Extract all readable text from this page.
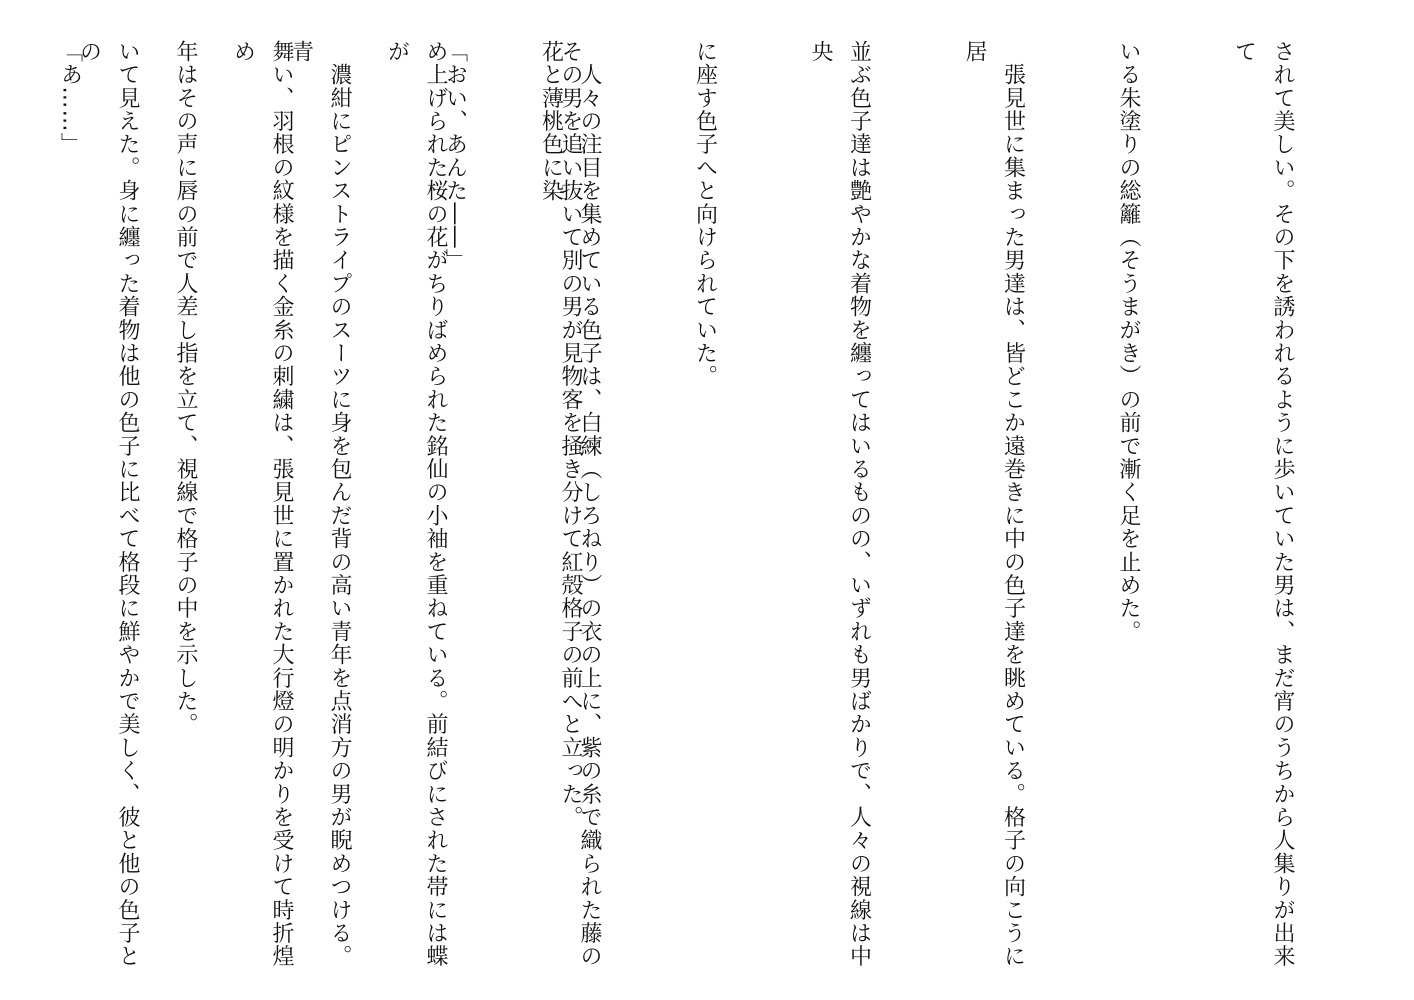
されて美しい。その下を誘われるように歩いていた男は、まだ宵のうちから人集りが出来て

いる朱塗りの総籬（そうまがき）の前で漸く足を止めた。

　張見世に集まった男達は、皆どこか遠巻きに中の色子達を眺めている。格子の向こうに居

並ぶ色子達は艶やかな着物を纏ってはいるものの、いずれも男ばかりで、人々の視線は中央

に座す色子へと向けられていた。

　人々の注目を集めている色子は、白練（しろねり）の衣の上に、紫の糸で織られた藤の花と薄桃色に染

め上げられた桜の花がちりばめられた銘仙の小袖を重ねている。前結びにされた帯には蝶が

舞い、羽根の紋様を描く金糸の刺繍は、張見世に置かれた大行燈の明かりを受けて時折煌め

いて見えた。身に纏った着物は他の色子に比べて格段に鮮やかで美しく、彼と他の色子との

	その男を追い抜いて別の男が見物客を掻き分けて紅殻格子の前へと立った。

「おい、あんた――」

　濃紺にピンストライプのスーツに身を包んだ背の高い青年を点消方の男が睨めつける。青

年はその声に唇の前で人差し指を立て、視線で格子の中を示した。

「あ……」
